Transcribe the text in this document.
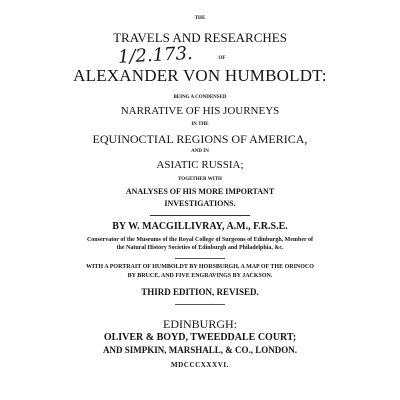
THE
TRAVELS AND RESEARCHES
OF
1/2.173.
ALEXANDER VON HUMBOLDT:
BEING A CONDENSED
NARRATIVE OF HIS JOURNEYS
IN THE
EQUINOCTIAL REGIONS OF AMERICA,
AND IN
ASIATIC RUSSIA;
TOGETHER WITH
ANALYSES OF HIS MORE IMPORTANT
INVESTIGATIONS.
BY W. MACGILLIVRAY, A.M., F.R.S.E.
Conservator of the Museums of the Royal College of Surgeons of Edinburgh, Member of
the Natural History Societies of Edinburgh and Philadelphia, &c.
WITH A PORTRAIT OF HUMBOLDT BY HORSBURGH, A MAP OF THE ORINOCO
BY BRUCE, AND FIVE ENGRAVINGS BY JACKSON.
THIRD EDITION, REVISED.
EDINBURGH:
OLIVER & BOYD, TWEEDDALE COURT;
AND SIMPKIN, MARSHALL, & CO., LONDON.
MDCCCXXXVI.
